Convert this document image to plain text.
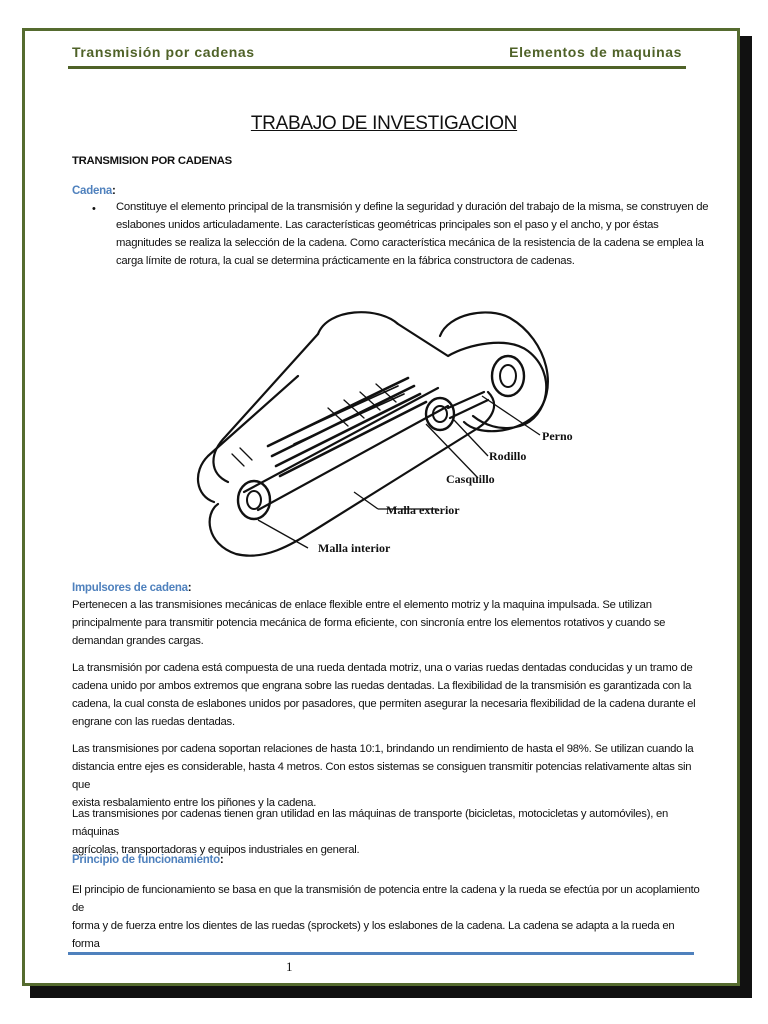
Transmisión por cadenas	Elementos de maquinas
TRABAJO DE INVESTIGACION
TRANSMISION POR CADENAS
Cadena:
• Constituye el elemento principal de la transmisión y define la seguridad y duración del trabajo de la misma, se construyen de
eslabones unidos articuladamente. Las características geométricas principales son el paso y el ancho, y por éstas
magnitudes se realiza la selección de la cadena. Como característica mecánica de la resistencia de la cadena se emplea la
carga límite de rotura, la cual se determina prácticamente en la fábrica constructora de cadenas.
Perno
Rodillo
Casquillo
Malla exterior
Malla interior
Impulsores de cadena:
Pertenecen a las transmisiones mecánicas de enlace flexible entre el elemento motriz y la maquina impulsada. Se utilizan
principalmente para transmitir potencia mecánica de forma eficiente, con sincronía entre los elementos rotativos y cuando se
demandan grandes cargas.
La transmisión por cadena está compuesta de una rueda dentada motriz, una o varias ruedas dentadas conducidas y un tramo de
cadena unido por ambos extremos que engrana sobre las ruedas dentadas. La flexibilidad de la transmisión es garantizada con la
cadena, la cual consta de eslabones unidos por pasadores, que permiten asegurar la necesaria flexibilidad de la cadena durante el
engrane con las ruedas dentadas.
Las transmisiones por cadena soportan relaciones de hasta 10:1, brindando un rendimiento de hasta el 98%. Se utilizan cuando la
distancia entre ejes es considerable, hasta 4 metros. Con estos sistemas se consiguen transmitir potencias relativamente altas sin que
exista resbalamiento entre los piñones y la cadena.
Las transmisiones por cadenas tienen gran utilidad en las máquinas de transporte (bicicletas, motocicletas y automóviles), en máquinas
agrícolas, transportadoras y equipos industriales en general.
Principio de funcionamiento:
El principio de funcionamiento se basa en que la transmisión de potencia entre la cadena y la rueda se efectúa por un acoplamiento de
forma y de fuerza entre los dientes de las ruedas (sprockets) y los eslabones de la cadena. La cadena se adapta a la rueda en forma
1
